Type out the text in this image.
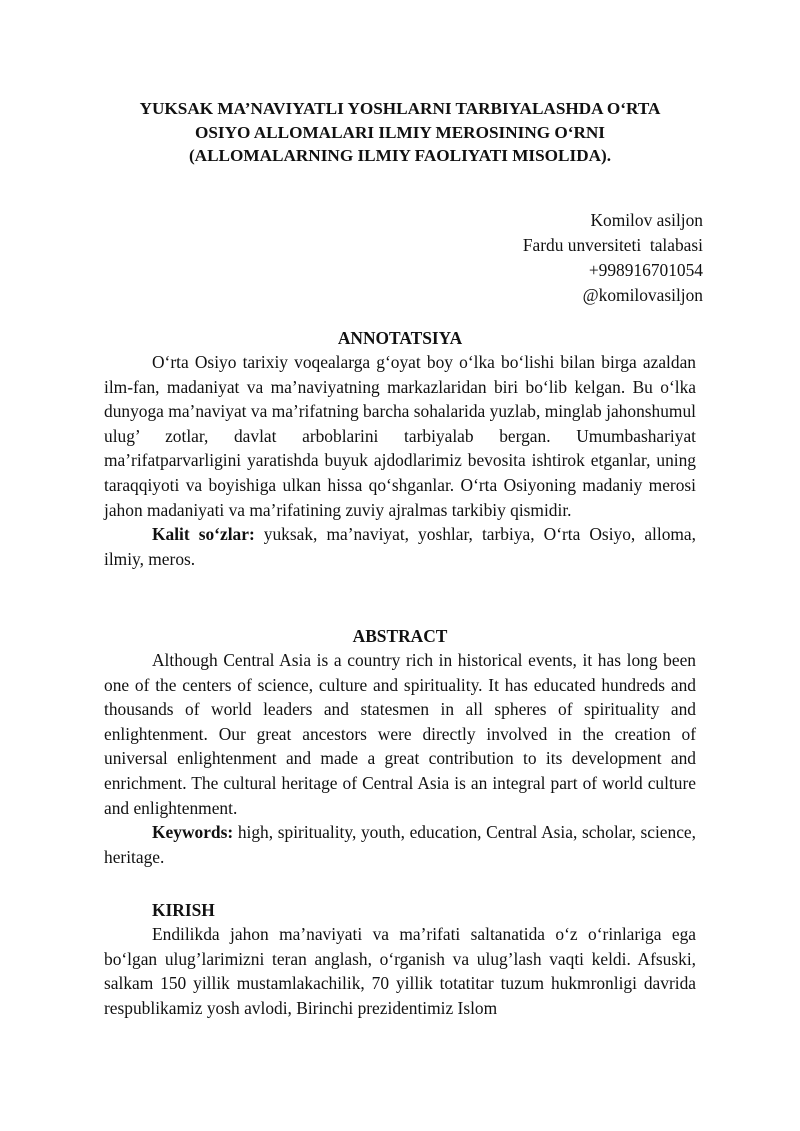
YUKSAK MA’NAVIYATLI YOSHLARNI TARBIYALASHDA O‘RTA
OSIYO ALLOMALARI ILMIY MEROSINING O‘RNI
(ALLOMALARNING ILMIY FAOLIYATI MISOLIDA).
Komilov asiljon
Fardu unversiteti  talabasi
+998916701054
@komilovasiljon
ANNOTATSIYA

O‘rta Osiyo tarixiy voqealarga g‘oyat boy o‘lka bo‘lishi bilan birga azaldan ilm-fan, madaniyat va ma’naviyatning markazlaridan biri bo‘lib kelgan. Bu o‘lka dunyoga ma’naviyat va ma’rifatning barcha sohalarida yuzlab, minglab jahonshumul ulug’ zotlar, davlat arboblarini tarbiyalab bergan. Umumbashariyat ma’rifatparvarligini yaratishda buyuk ajdodlarimiz bevosita ishtirok etganlar, uning taraqqiyoti va boyishiga ulkan hissa qo‘shganlar. O‘rta Osiyoning madaniy merosi jahon madaniyati va ma’rifatining zuviy ajralmas tarkibiy qismidir.

Kalit so‘zlar: yuksak, ma’naviyat, yoshlar, tarbiya, O‘rta Osiyo, alloma, ilmiy, meros.

ABSTRACT

Although Central Asia is a country rich in historical events, it has long been one of the centers of science, culture and spirituality. It has educated hundreds and thousands of world leaders and statesmen in all spheres of spirituality and enlightenment. Our great ancestors were directly involved in the creation of universal enlightenment and made a great contribution to its development and enrichment. The cultural heritage of Central Asia is an integral part of world culture and enlightenment.

Keywords: high, spirituality, youth, education, Central Asia, scholar, science, heritage.

KIRISH

Endilikda jahon ma’naviyati va ma’rifati saltanatida o‘z o‘rinlariga ega bo‘lgan ulug’larimizni teran anglash, o‘rganish va ulug’lash vaqti keldi. Afsuski, salkam 150 yillik mustamlakachilik, 70 yillik totatitar tuzum hukmronligi davrida respublikamiz yosh avlodi, Birinchi prezidentimiz Islom
